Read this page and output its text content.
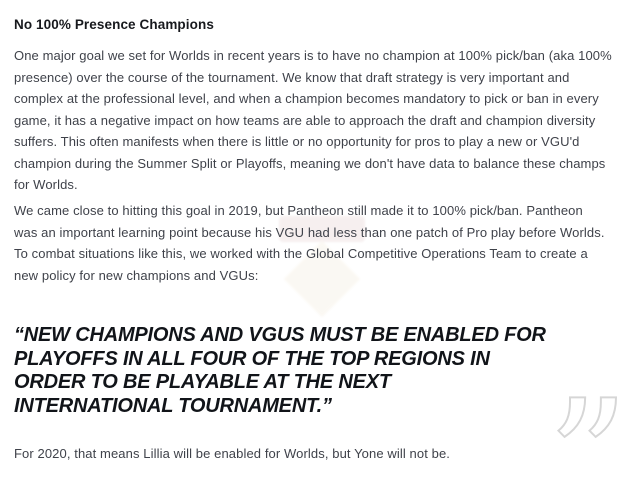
No 100% Presence Champions
One major goal we set for Worlds in recent years is to have no champion at 100% pick/ban (aka 100%
presence) over the course of the tournament. We know that draft strategy is very important and
complex at the professional level, and when a champion becomes mandatory to pick or ban in every
game, it has a negative impact on how teams are able to approach the draft and champion diversity
suffers. This often manifests when there is little or no opportunity for pros to play a new or VGU'd
champion during the Summer Split or Playoffs, meaning we don't have data to balance these champs
for Worlds.
We came close to hitting this goal in 2019, but Pantheon still made it to 100% pick/ban. Pantheon
was an important learning point because his VGU had less than one patch of Pro play before Worlds.
To combat situations like this, we worked with the Global Competitive Operations Team to create a
new policy for new champions and VGUs:
“NEW CHAMPIONS AND VGUS MUST BE ENABLED FOR
PLAYOFFS IN ALL FOUR OF THE TOP REGIONS IN
ORDER TO BE PLAYABLE AT THE NEXT
INTERNATIONAL TOURNAMENT.”	”

For 2020, that means Lillia will be enabled for Worlds, but Yone will not be.
